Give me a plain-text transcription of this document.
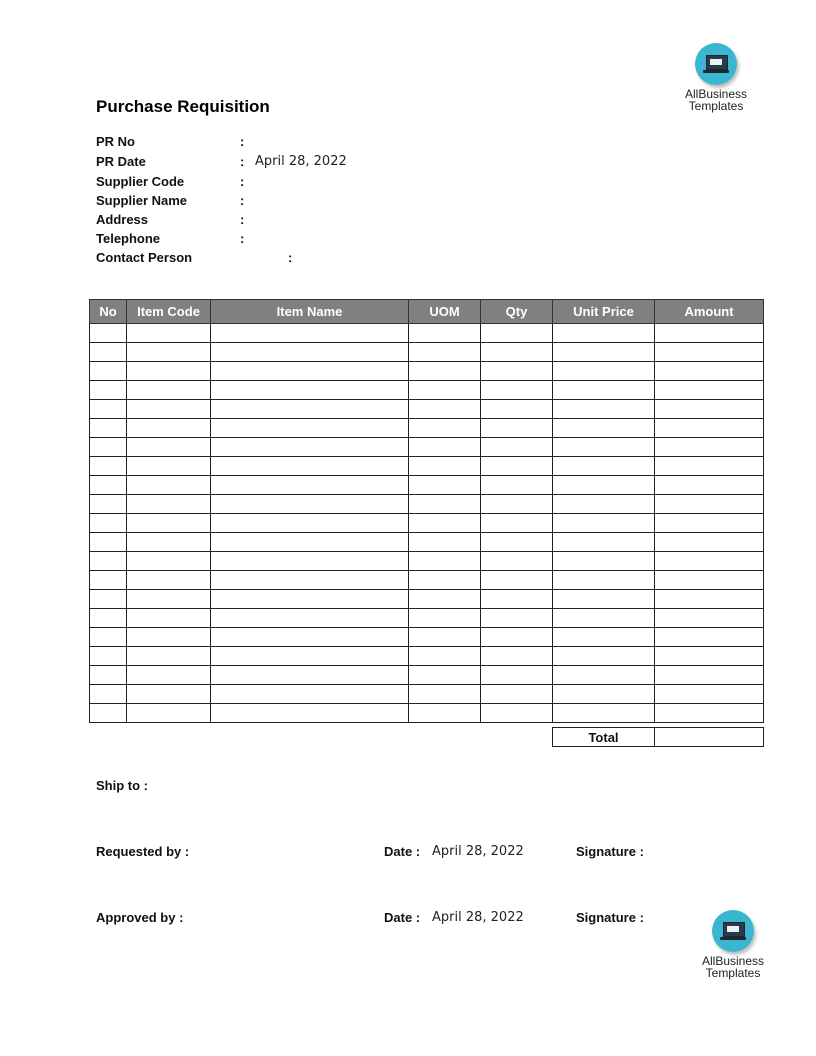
AllBusiness
Templates
Purchase Requisition
PR No	:
PR Date	: April 28, 2022
Supplier Code	:
Supplier Name	:
Address	:
Telephone	:
Contact Person	:
No	Item Code	Item Name	UOM	Qty	Unit Price	Amount

Total	
Ship to :
Requested by :	Date : April 28, 2022	Signature :
Approved by :	Date : April 28, 2022	Signature :
AllBusiness
Templates
